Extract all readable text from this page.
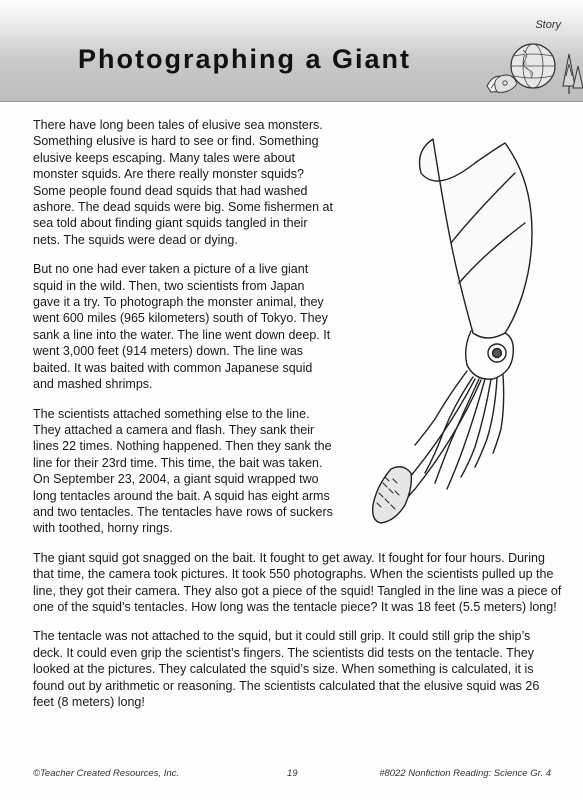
Photographing a Giant
Story

There have long been tales of elusive sea monsters. Something elusive is hard to see or find. Something elusive keeps escaping. Many tales were about monster squids. Are there really monster squids? Some people found dead squids that had washed ashore. The dead squids were big. Some fishermen at sea told about finding giant squids tangled in their nets. The squids were dead or dying.

But no one had ever taken a picture of a live giant squid in the wild. Then, two scientists from Japan gave it a try. To photograph the monster animal, they went 600 miles (965 kilometers) south of Tokyo. They sank a line into the water. The line went down deep. It went 3,000 feet (914 meters) down. The line was baited. It was baited with common Japanese squid and mashed shrimps.

The scientists attached something else to the line. They attached a camera and flash. They sank their lines 22 times. Nothing happened. Then they sank the line for their 23rd time. This time, the bait was taken. On September 23, 2004, a giant squid wrapped two long tentacles around the bait. A squid has eight arms and two tentacles. The tentacles have rows of suckers with toothed, horny rings.

The giant squid got snagged on the bait. It fought to get away. It fought for four hours. During that time, the camera took pictures. It took 550 photographs. When the scientists pulled up the line, they got their camera. They also got a piece of the squid! Tangled in the line was a piece of one of the squid’s tentacles. How long was the tentacle piece? It was 18 feet (5.5 meters) long!

The tentacle was not attached to the squid, but it could still grip. It could still grip the ship’s deck. It could even grip the scientist’s fingers. The scientists did tests on the tentacle. They looked at the pictures. They calculated the squid’s size. When something is calculated, it is found out by arithmetic or reasoning. The scientists calculated that the elusive squid was 26 feet (8 meters) long!

©Teacher Created Resources, Inc.	19	#8022 Nonfiction Reading: Science Gr. 4
